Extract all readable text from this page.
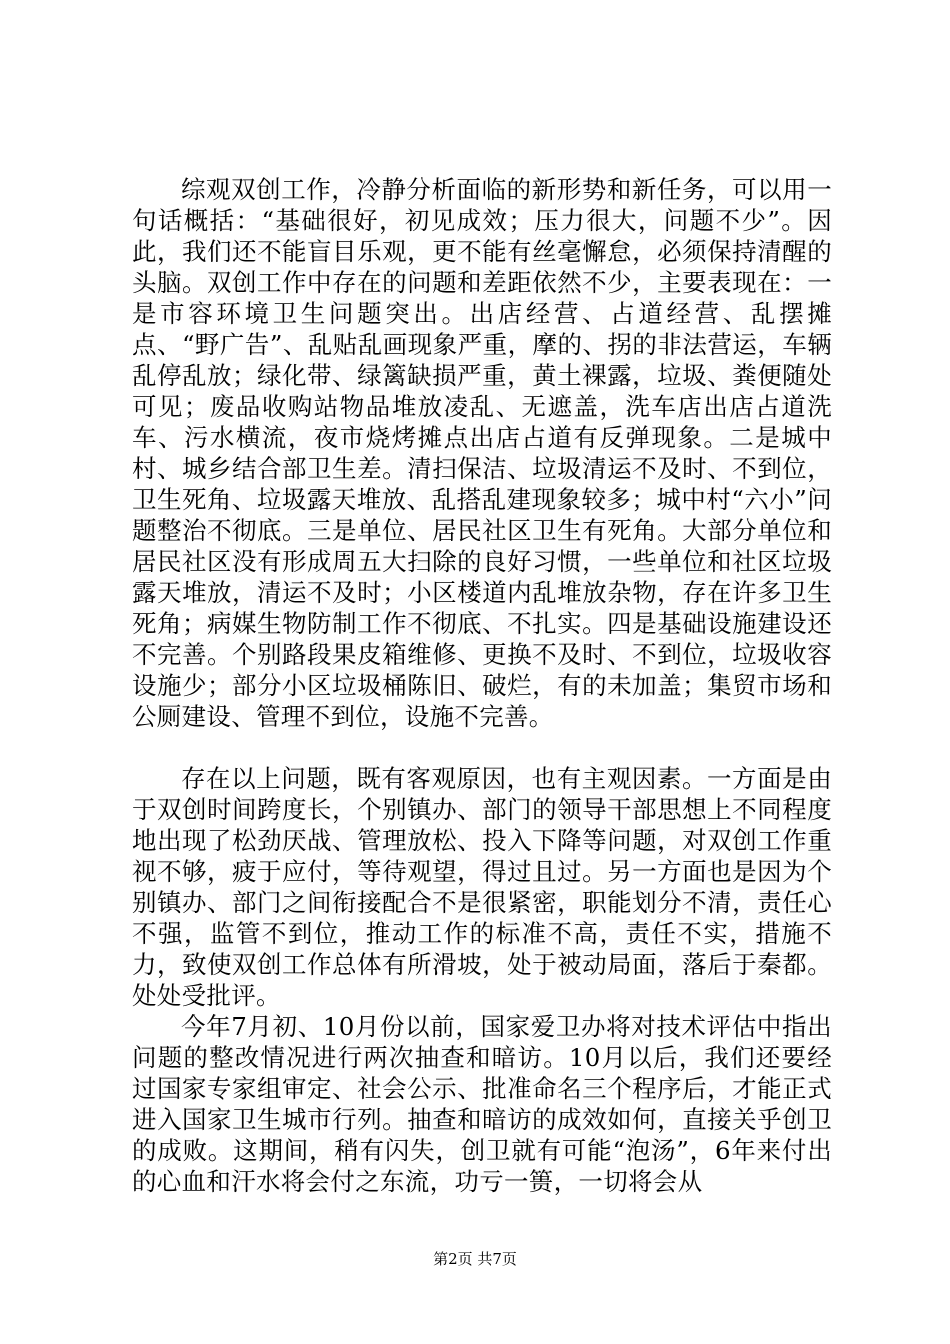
综观双创工作，冷静分析面临的新形势和新任务，可以用一句话概括：“基础很好，初见成效；压力很大，问题不少”。因此，我们还不能盲目乐观，更不能有丝毫懈怠，必须保持清醒的头脑。双创工作中存在的问题和差距依然不少，主要表现在：一是市容环境卫生问题突出。出店经营、占道经营、乱摆摊点、“野广告”、乱贴乱画现象严重，摩的、拐的非法营运，车辆乱停乱放；绿化带、绿篱缺损严重，黄土裸露，垃圾、粪便随处可见；废品收购站物品堆放凌乱、无遮盖，洗车店出店占道洗车、污水横流，夜市烧烤摊点出店占道有反弹现象。二是城中村、城乡结合部卫生差。清扫保洁、垃圾清运不及时、不到位，卫生死角、垃圾露天堆放、乱搭乱建现象较多；城中村“六小”问题整治不彻底。三是单位、居民社区卫生有死角。大部分单位和居民社区没有形成周五大扫除的良好习惯，一些单位和社区垃圾露天堆放，清运不及时；小区楼道内乱堆放杂物，存在许多卫生死角；病媒生物防制工作不彻底、不扎实。四是基础设施建设还不完善。个别路段果皮箱维修、更换不及时、不到位，垃圾收容设施少；部分小区垃圾桶陈旧、破烂，有的未加盖；集贸市场和公厕建设、管理不到位，设施不完善。

存在以上问题，既有客观原因，也有主观因素。一方面是由于双创时间跨度长，个别镇办、部门的领导干部思想上不同程度地出现了松劲厌战、管理放松、投入下降等问题，对双创工作重视不够，疲于应付，等待观望，得过且过。另一方面也是因为个别镇办、部门之间衔接配合不是很紧密，职能划分不清，责任心不强，监管不到位，推动工作的标准不高，责任不实，措施不力，致使双创工作总体有所滑坡，处于被动局面，落后于秦都。处处受批评。

今年7月初、10月份以前，国家爱卫办将对技术评估中指出问题的整改情况进行两次抽查和暗访。10月以后，我们还要经过国家专家组审定、社会公示、批准命名三个程序后，才能正式进入国家卫生城市行列。抽查和暗访的成效如何，直接关乎创卫的成败。这期间，稍有闪失，创卫就有可能“泡汤”，6年来付出的心血和汗水将会付之东流，功亏一篑，一切将会从

第2页 共7页
